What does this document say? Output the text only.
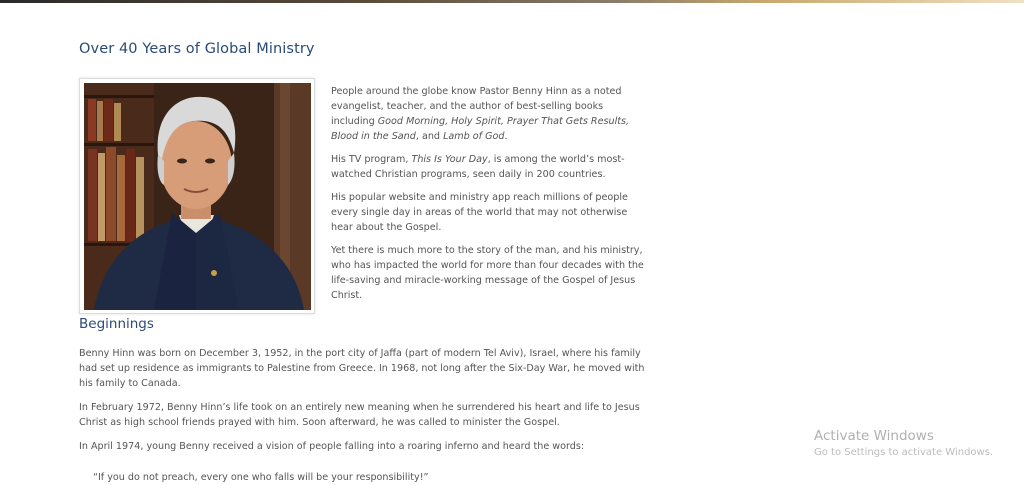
Over 40 Years of Global Ministry

People around the globe know Pastor Benny Hinn as a noted evangelist, teacher, and the author of best-selling books including Good Morning, Holy Spirit, Prayer That Gets Results, Blood in the Sand, and Lamb of God.

His TV program, This Is Your Day, is among the world’s most-watched Christian programs, seen daily in 200 countries.

His popular website and ministry app reach millions of people every single day in areas of the world that may not otherwise hear about the Gospel.

Yet there is much more to the story of the man, and his ministry, who has impacted the world for more than four decades with the life-saving and miracle-working message of the Gospel of Jesus Christ.

Beginnings

Benny Hinn was born on December 3, 1952, in the port city of Jaffa (part of modern Tel Aviv), Israel, where his family had set up residence as immigrants to Palestine from Greece. In 1968, not long after the Six-Day War, he moved with his family to Canada.

In February 1972, Benny Hinn’s life took on an entirely new meaning when he surrendered his heart and life to Jesus Christ as high school friends prayed with him. Soon afterward, he was called to minister the Gospel.

In April 1974, young Benny received a vision of people falling into a roaring inferno and heard the words:

“If you do not preach, every one who falls will be your responsibility!”
Activate Windows
Go to Settings to activate Windows.
